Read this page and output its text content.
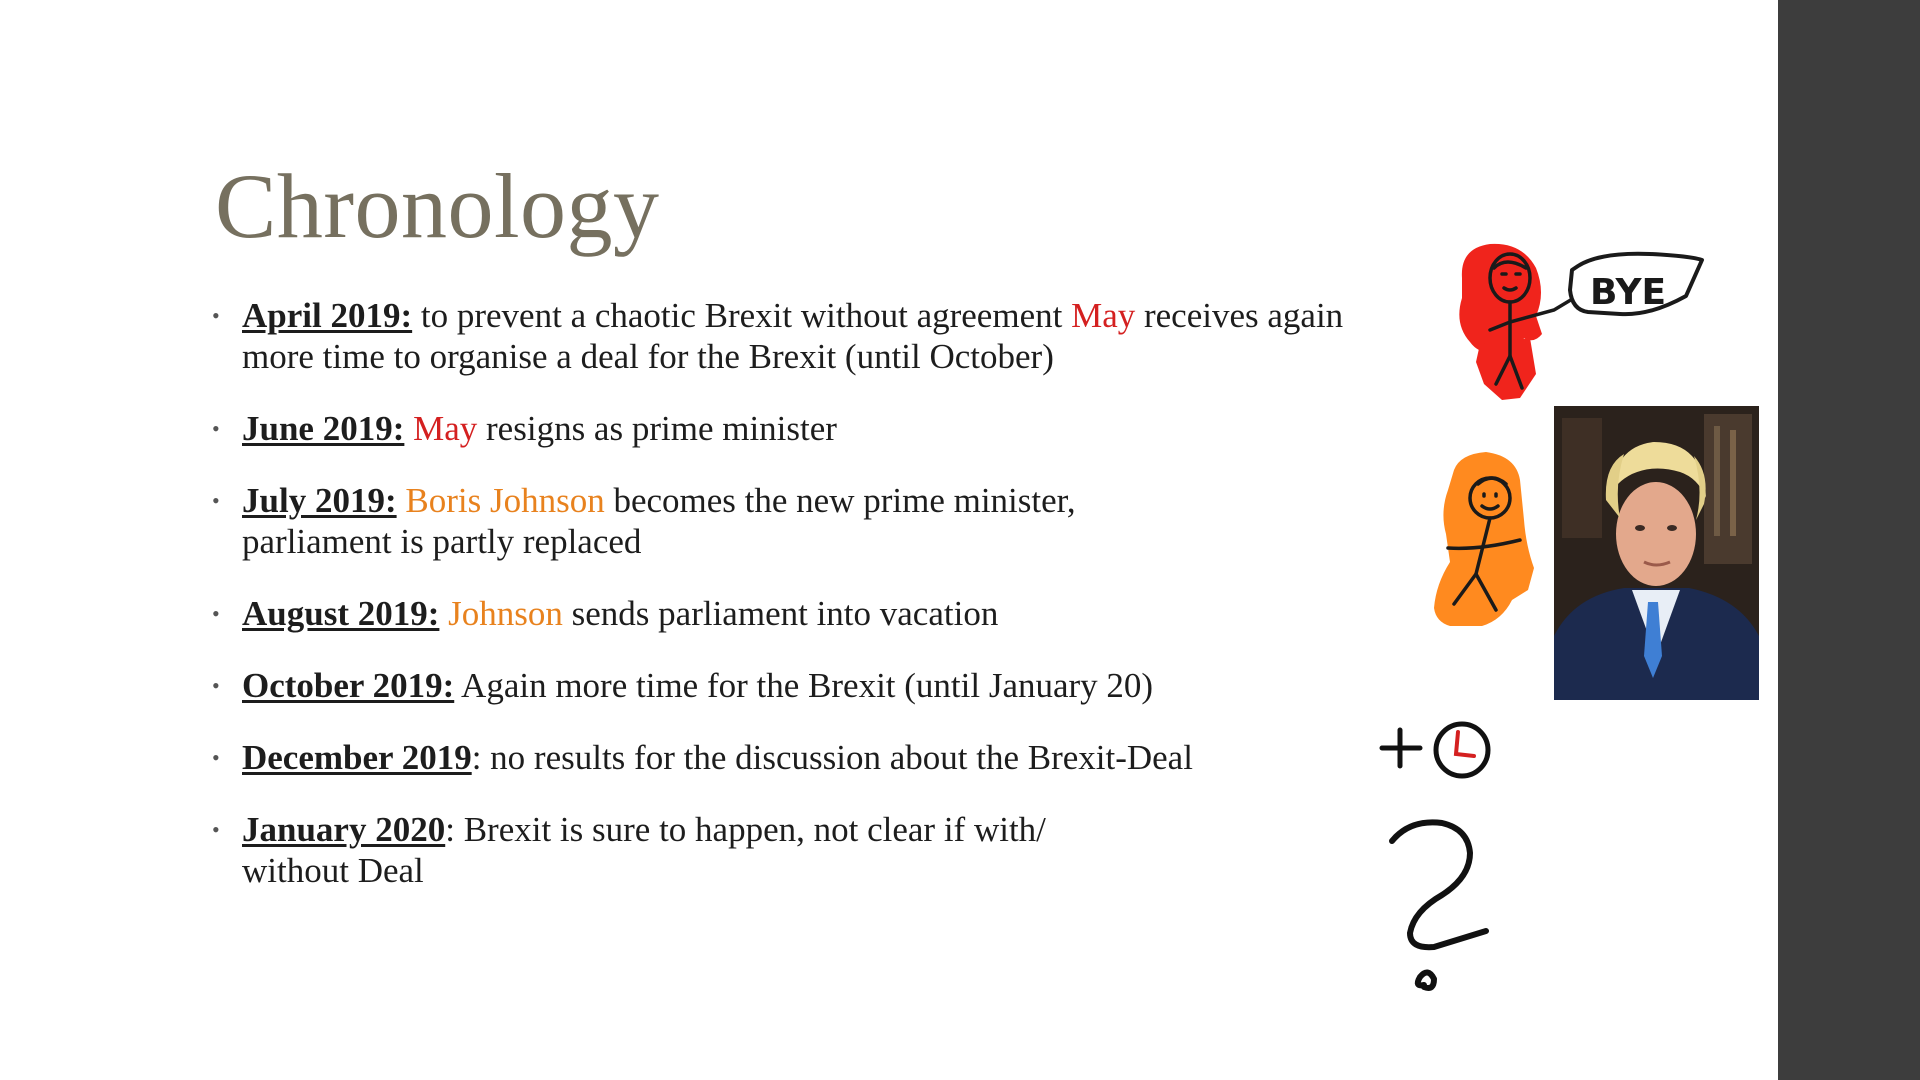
Chronology
• April 2019: to prevent a chaotic Brexit without agreement May receives again more time to organise a deal for the Brexit (until October)
• June 2019: May resigns as prime minister
• July 2019: Boris Johnson becomes the new prime minister, parliament is partly replaced
• August 2019: Johnson sends parliament into vacation
• October 2019: Again more time for the Brexit (until January 20)
• December 2019: no results for the discussion about the Brexit-Deal
• January 2020: Brexit is sure to happen, not clear if with/ without Deal
BYE
